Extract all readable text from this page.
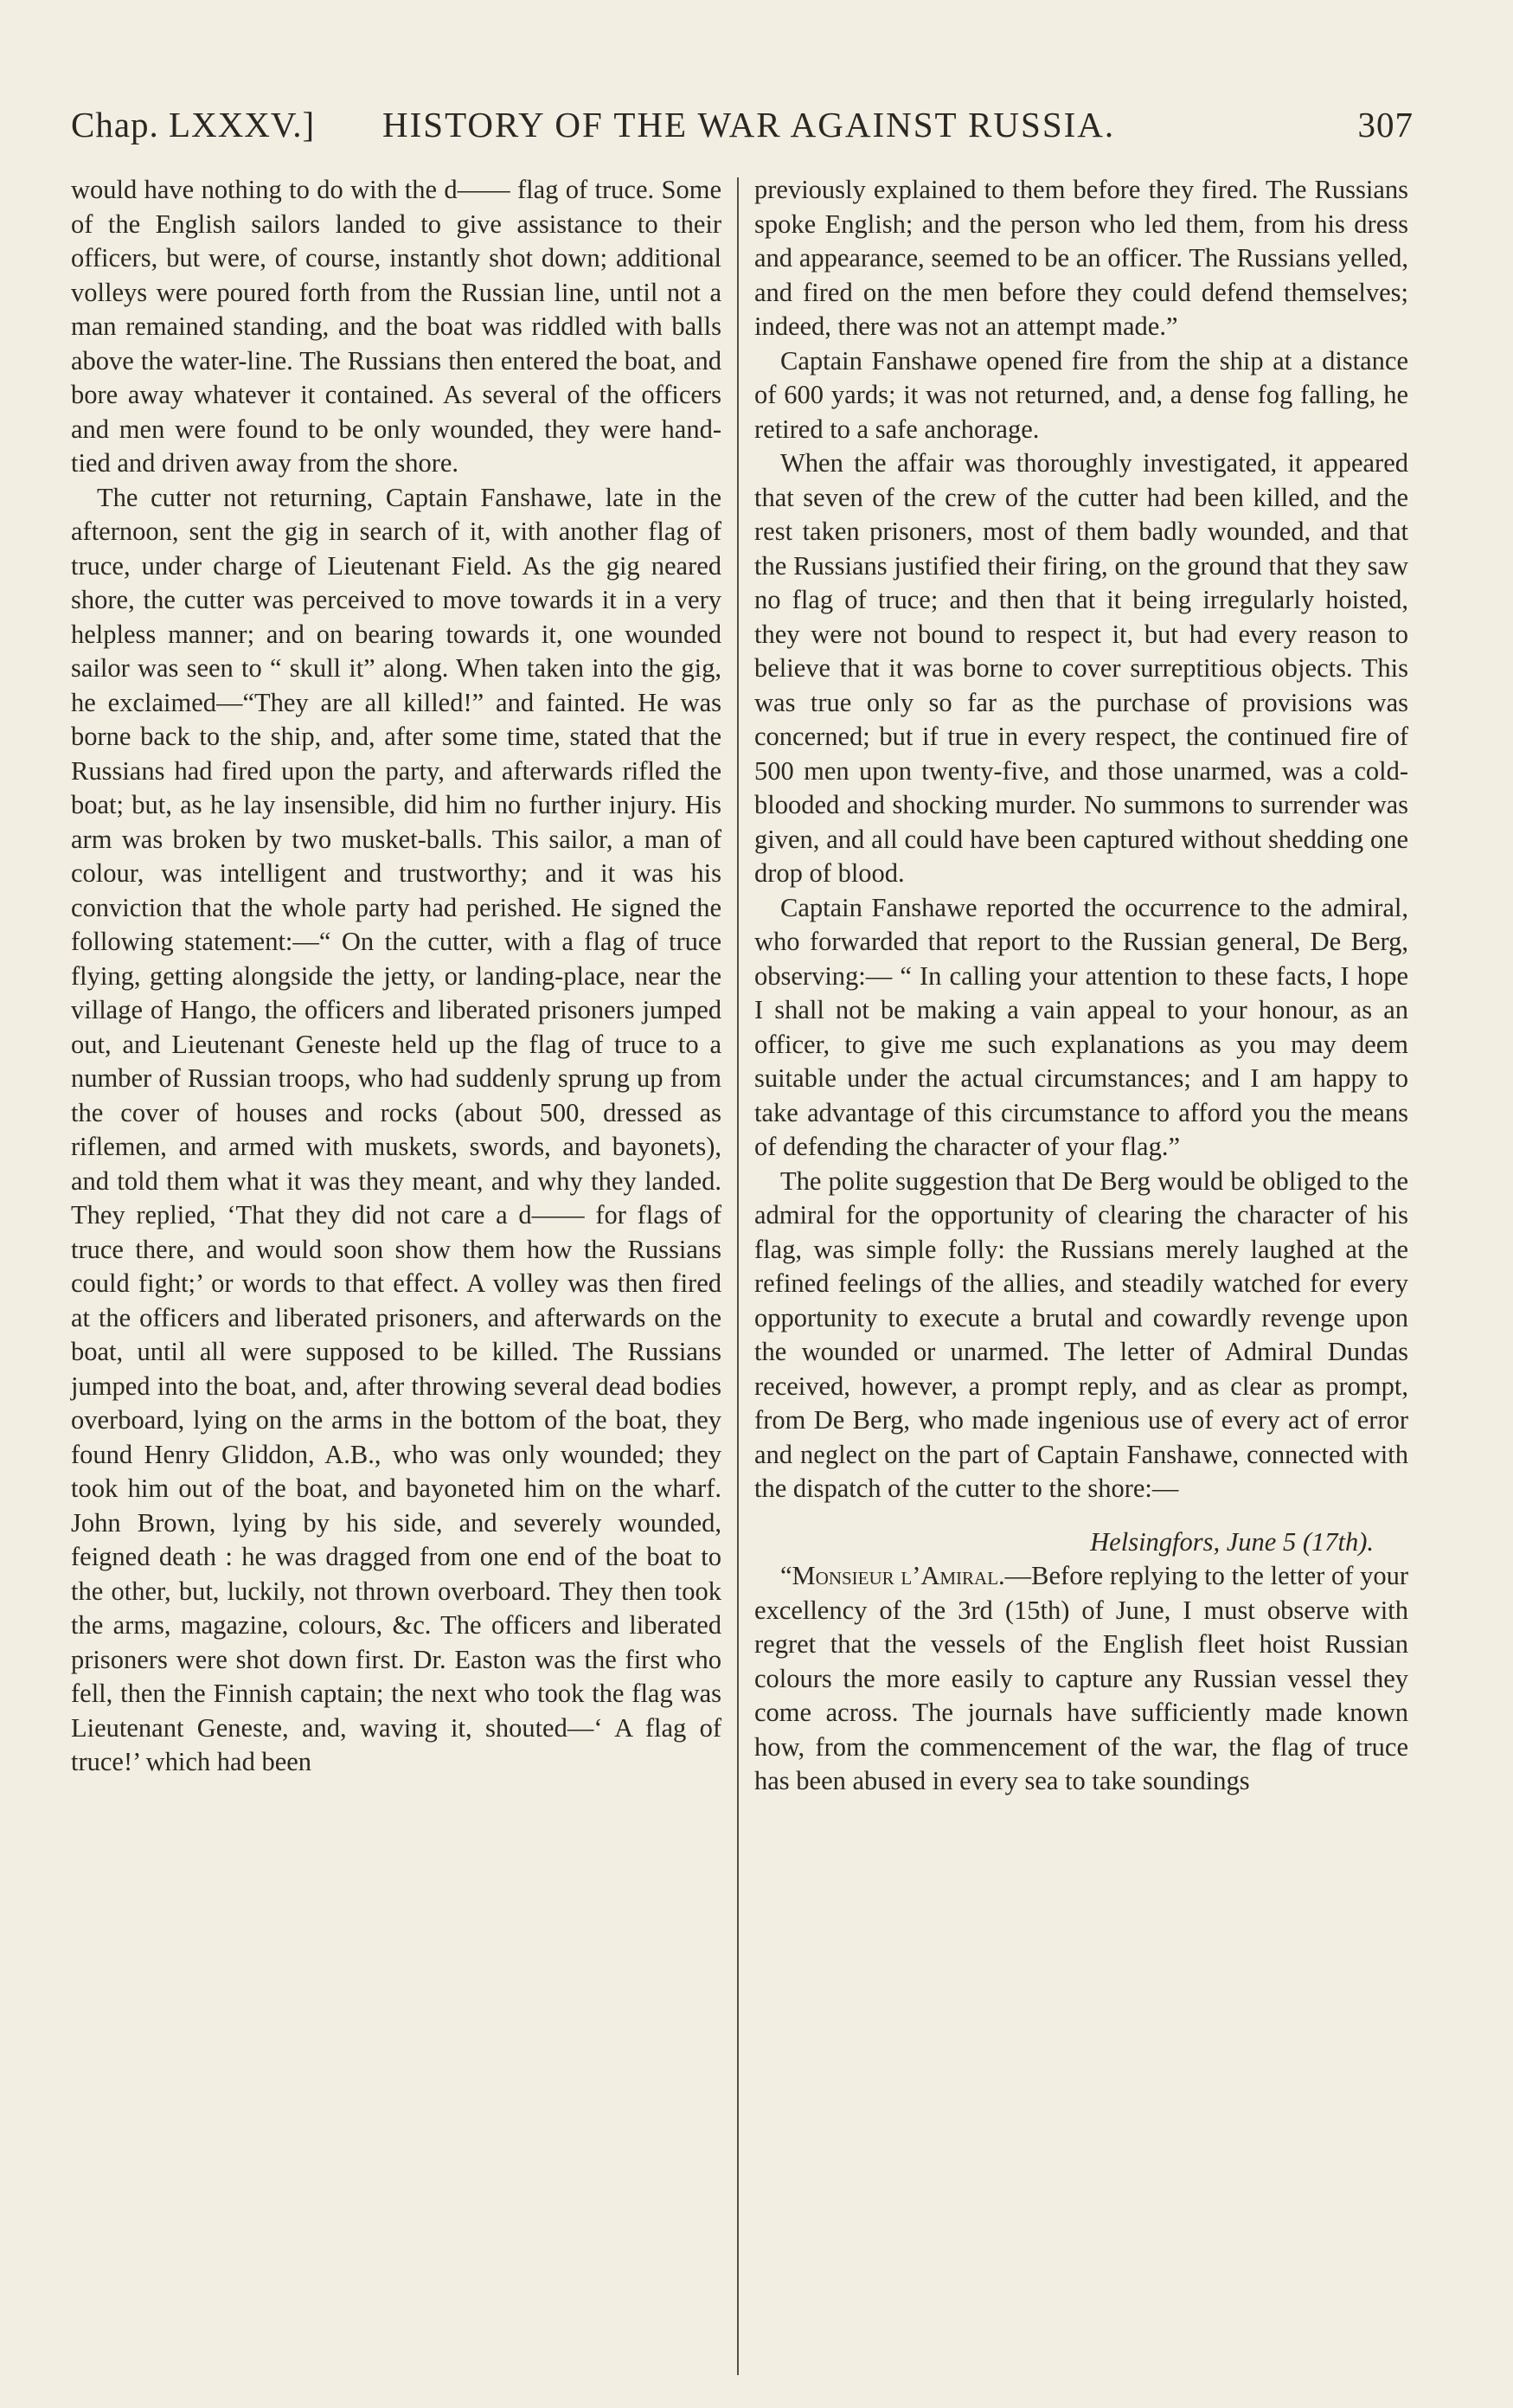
Chap. LXXXV.] HISTORY OF THE WAR AGAINST RUSSIA.	307

would have nothing to do with the d—— flag of truce. Some of the English sailors landed to give assistance to their officers, but were, of course, instantly shot down; additional volleys were poured forth from the Russian line, until not a man remained standing, and the boat was riddled with balls above the water-line. The Russians then entered the boat, and bore away whatever it contained. As several of the officers and men were found to be only wounded, they were hand-tied and driven away from the shore.

The cutter not returning, Captain Fanshawe, late in the afternoon, sent the gig in search of it, with another flag of truce, under charge of Lieutenant Field. As the gig neared shore, the cutter was perceived to move towards it in a very helpless manner; and on bearing towards it, one wounded sailor was seen to “ skull it” along. When taken into the gig, he exclaimed—“They are all killed!” and fainted. He was borne back to the ship, and, after some time, stated that the Russians had fired upon the party, and afterwards rifled the boat; but, as he lay insensible, did him no further injury. His arm was broken by two musket-balls. This sailor, a man of colour, was intelligent and trustworthy; and it was his conviction that the whole party had perished. He signed the following statement:—“ On the cutter, with a flag of truce flying, getting alongside the jetty, or landing-place, near the village of Hango, the officers and liberated prisoners jumped out, and Lieutenant Geneste held up the flag of truce to a number of Russian troops, who had suddenly sprung up from the cover of houses and rocks (about 500, dressed as riflemen, and armed with muskets, swords, and bayonets), and told them what it was they meant, and why they landed. They replied, ‘That they did not care a d—— for flags of truce there, and would soon show them how the Russians could fight;’ or words to that effect. A volley was then fired at the officers and liberated prisoners, and afterwards on the boat, until all were supposed to be killed. The Russians jumped into the boat, and, after throwing several dead bodies overboard, lying on the arms in the bottom of the boat, they found Henry Gliddon, A.B., who was only wounded; they took him out of the boat, and bayoneted him on the wharf. John Brown, lying by his side, and severely wounded, feigned death : he was dragged from one end of the boat to the other, but, luckily, not thrown overboard. They then took the arms, magazine, colours, &c. The officers and liberated prisoners were shot down first. Dr. Easton was the first who fell, then the Finnish captain; the next who took the flag was Lieutenant Geneste, and, waving it, shouted—‘ A flag of truce!’ which had been

previously explained to them before they fired. The Russians spoke English; and the person who led them, from his dress and appearance, seemed to be an officer. The Russians yelled, and fired on the men before they could defend themselves; indeed, there was not an attempt made.”

Captain Fanshawe opened fire from the ship at a distance of 600 yards; it was not returned, and, a dense fog falling, he retired to a safe anchorage.

When the affair was thoroughly investigated, it appeared that seven of the crew of the cutter had been killed, and the rest taken prisoners, most of them badly wounded, and that the Russians justified their firing, on the ground that they saw no flag of truce; and then that it being irregularly hoisted, they were not bound to respect it, but had every reason to believe that it was borne to cover surreptitious objects. This was true only so far as the purchase of provisions was concerned; but if true in every respect, the continued fire of 500 men upon twenty-five, and those unarmed, was a cold-blooded and shocking murder. No summons to surrender was given, and all could have been captured without shedding one drop of blood.

Captain Fanshawe reported the occurrence to the admiral, who forwarded that report to the Russian general, De Berg, observing:— “ In calling your attention to these facts, I hope I shall not be making a vain appeal to your honour, as an officer, to give me such explanations as you may deem suitable under the actual circumstances; and I am happy to take advantage of this circumstance to afford you the means of defending the character of your flag.”

The polite suggestion that De Berg would be obliged to the admiral for the opportunity of clearing the character of his flag, was simple folly: the Russians merely laughed at the refined feelings of the allies, and steadily watched for every opportunity to execute a brutal and cowardly revenge upon the wounded or unarmed. The letter of Admiral Dundas received, however, a prompt reply, and as clear as prompt, from De Berg, who made ingenious use of every act of error and neglect on the part of Captain Fanshawe, connected with the dispatch of the cutter to the shore:—

Helsingfors, June 5 (17th).

“Monsieur l’Amiral.—Before replying to the letter of your excellency of the 3rd (15th) of June, I must observe with regret that the vessels of the English fleet hoist Russian colours the more easily to capture any Russian vessel they come across. The journals have sufficiently made known how, from the commencement of the war, the flag of truce has been abused in every sea to take soundings
